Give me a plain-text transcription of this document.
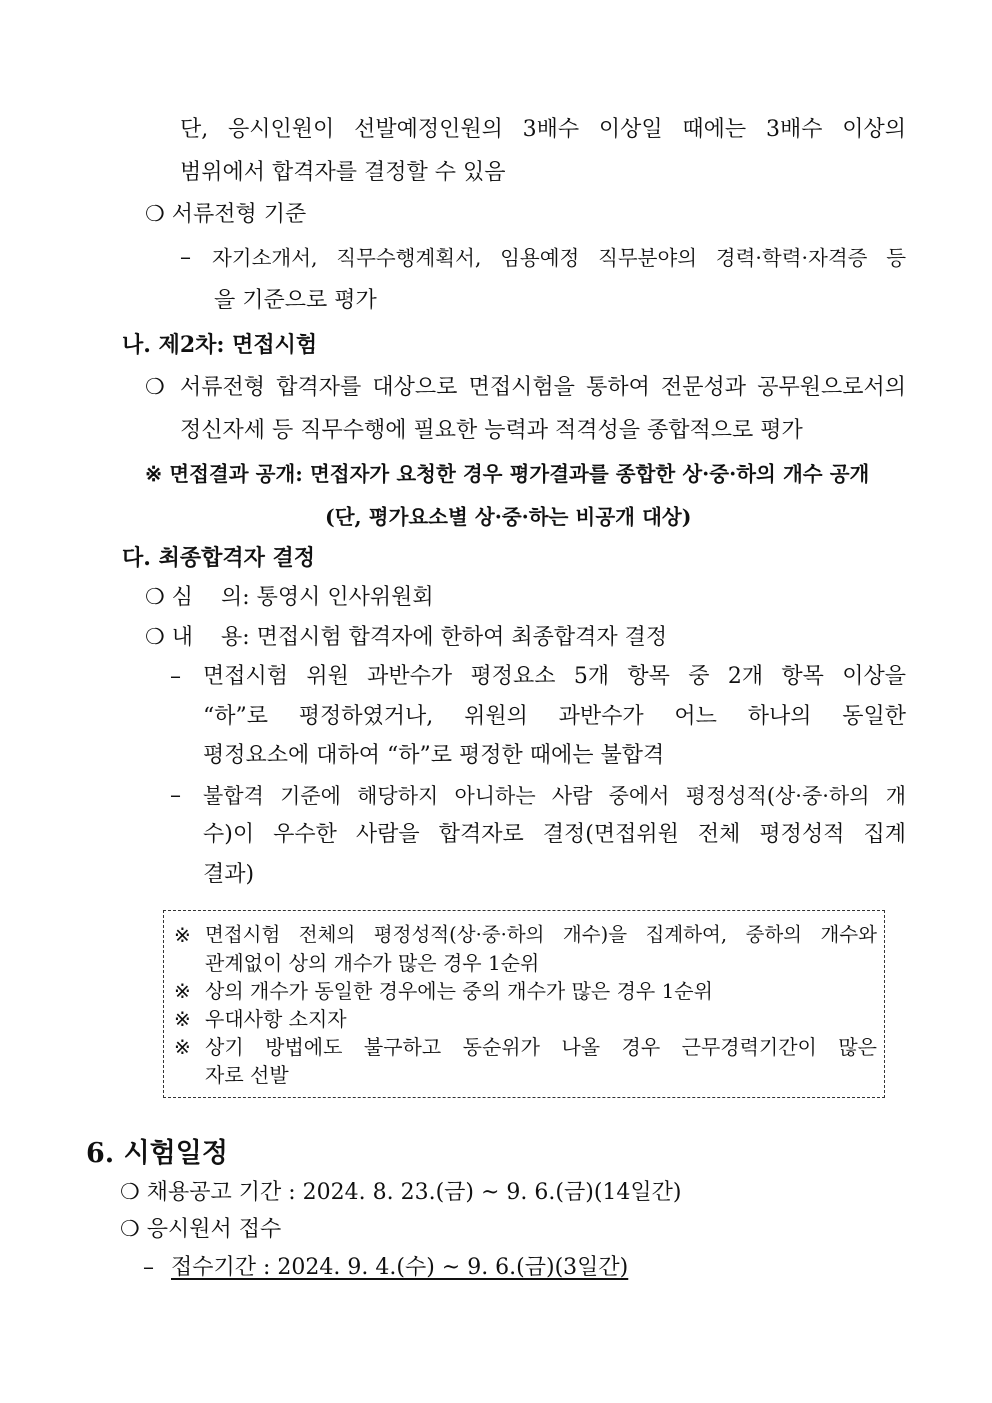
단, 응시인원이 선발예정인원의 3배수 이상일 때에는 3배수 이상의
범위에서 합격자를 결정할 수 있음
❍ 서류전형 기준
– 자기소개서, 직무수행계획서, 임용예정 직무분야의 경력·학력·자격증 등
을 기준으로 평가
나. 제2차: 면접시험
❍ 서류전형 합격자를 대상으로 면접시험을 통하여 전문성과 공무원으로서의
정신자세 등 직무수행에 필요한 능력과 적격성을 종합적으로 평가
※ 면접결과 공개: 면접자가 요청한 경우 평가결과를 종합한 상·중·하의 개수 공개
(단, 평가요소별 상·중·하는 비공개 대상)
다. 최종합격자 결정
❍ 심    의: 통영시 인사위원회
❍ 내    용: 면접시험 합격자에 한하여 최종합격자 결정
– 면접시험 위원 과반수가 평정요소 5개 항목 중 2개 항목 이상을
“하”로 평정하였거나, 위원의 과반수가 어느 하나의 동일한
평정요소에 대하여 “하”로 평정한 때에는 불합격
– 불합격 기준에 해당하지 아니하는 사람 중에서 평정성적(상·중·하의 개
수)이 우수한 사람을 합격자로 결정(면접위원 전체 평정성적 집계
결과)
※ 면접시험 전체의 평정성적(상·중·하의 개수)을 집계하여, 중하의 개수와
관계없이 상의 개수가 많은 경우 1순위
※ 상의 개수가 동일한 경우에는 중의 개수가 많은 경우 1순위
※ 우대사항 소지자
※ 상기 방법에도 불구하고 동순위가 나올 경우 근무경력기간이 많은
자로 선발
6. 시험일정
❍ 채용공고 기간 : 2024. 8. 23.(금) ~ 9. 6.(금)(14일간)
❍ 응시원서 접수
– 접수기간 : 2024. 9. 4.(수) ~ 9. 6.(금)(3일간)
